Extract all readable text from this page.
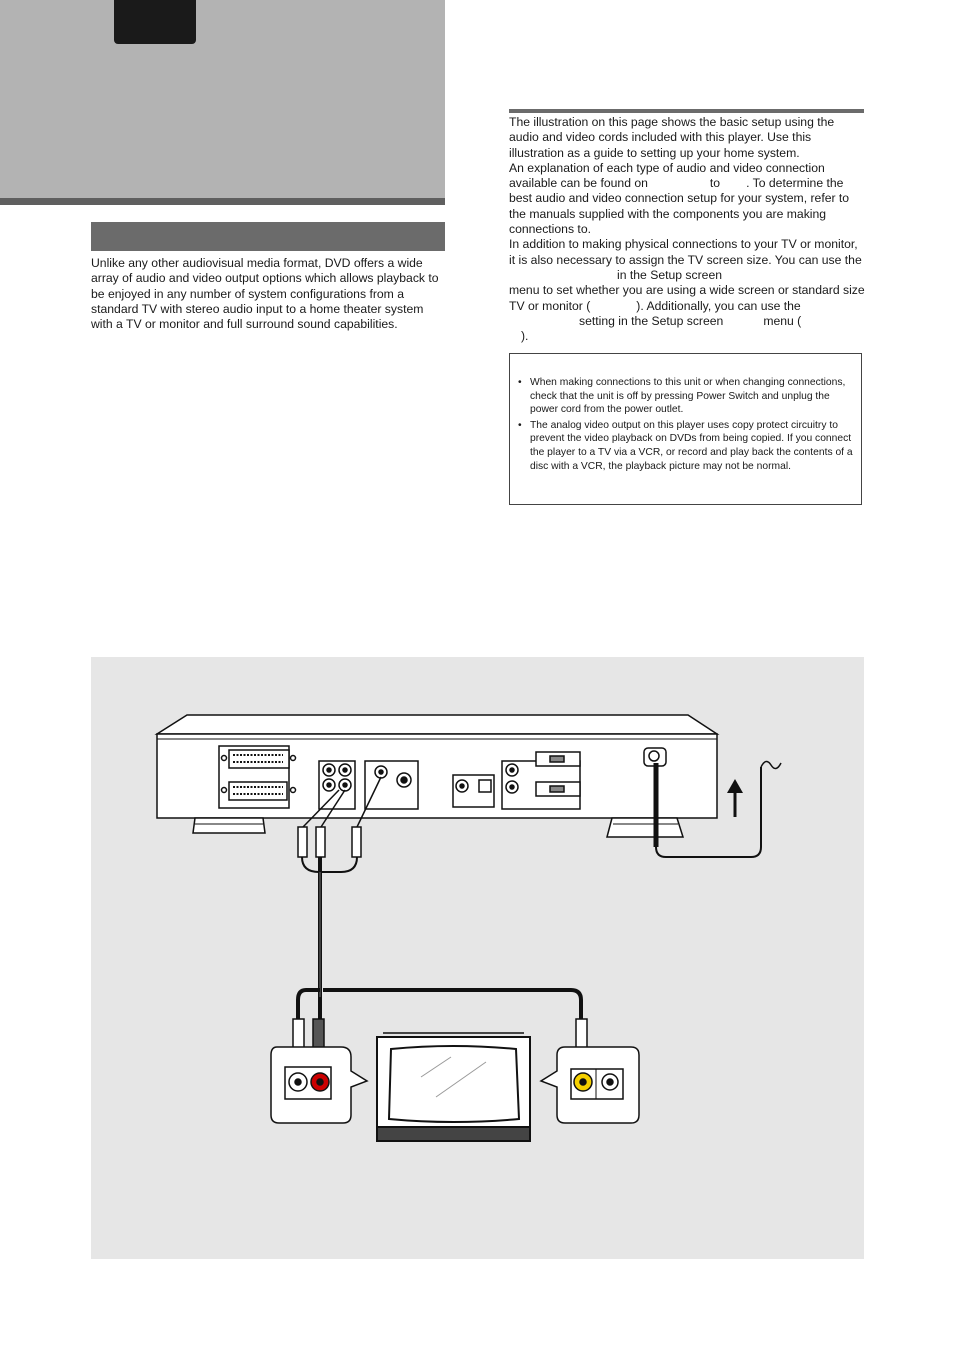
Unlike any other audiovisual media format, DVD offers a wide array of audio and video output options which allows playback to be enjoyed in any number of system configurations from a standard TV with stereo audio input to a home theater system with a TV or monitor and full surround sound capabilities.

The illustration on this page shows the basic setup using the audio and video cords included with this player. Use this illustration as a guide to setting up your home system.
An explanation of each type of audio and video connection available can be found on	to . To determine the best audio and video connection setup for your system, refer to the manuals supplied with the components you are making connections to.
In addition to making physical connections to your TV or monitor, it is also necessary to assign the TV screen size. You can use the in the Setup screen
menu to set whether you are using a wide screen or standard size TV or monitor (	). Additionally, you can use the
setting in the Setup screen	menu (
).
• When making connections to this unit or when changing connections, check that the unit is off by pressing Power Switch and unplug the power cord from the power outlet.
• The analog video output on this player uses copy protect circuitry to prevent the video playback on DVDs from being copied. If you connect the player to a TV via a VCR, or record and play back the contents of a disc with a VCR, the playback picture may not be normal.
